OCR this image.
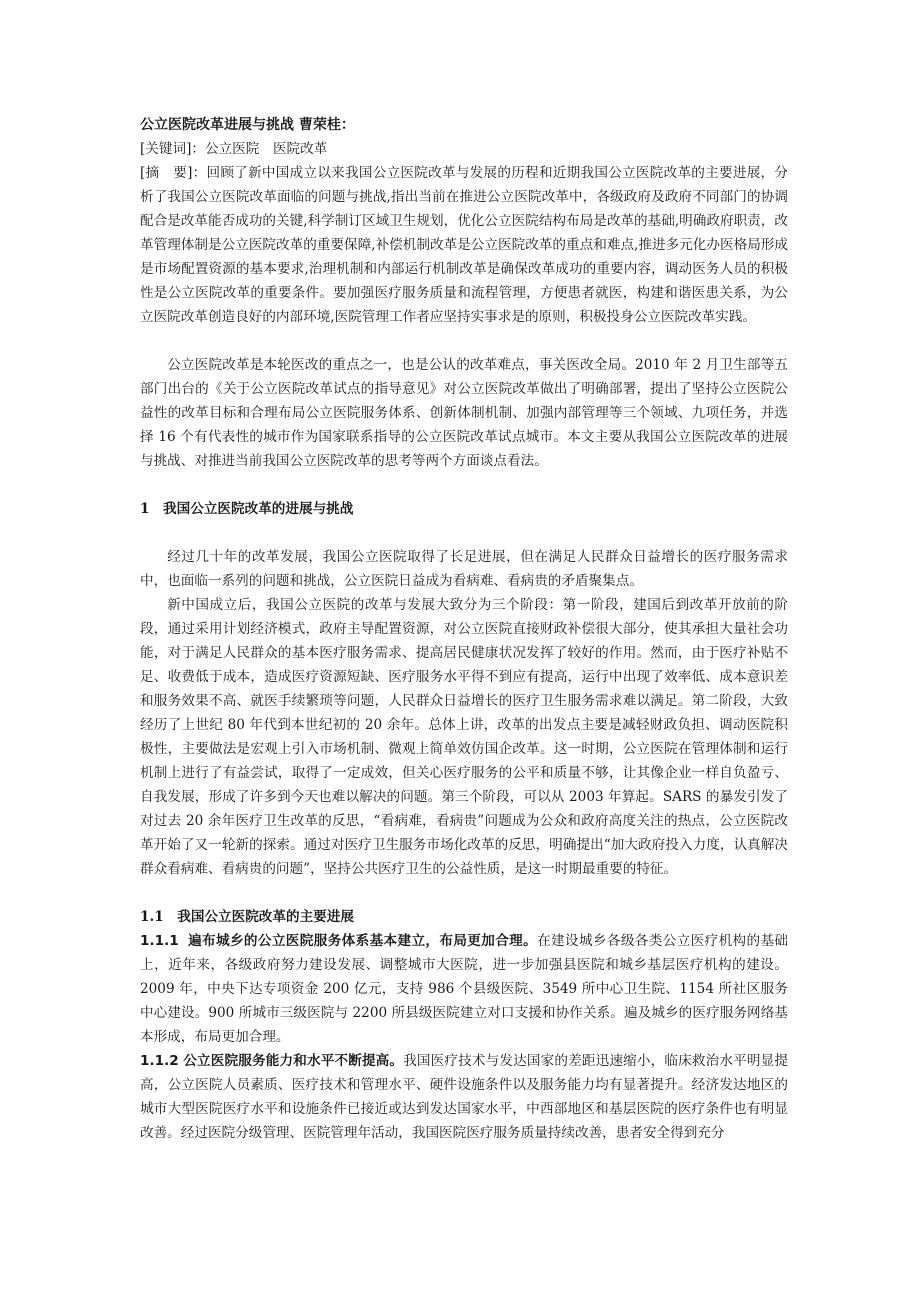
公立医院改革进展与挑战 曹荣桂：

[关键词]：公立医院　医院改革

[摘　要]：回顾了新中国成立以来我国公立医院改革与发展的历程和近期我国公立医院改革的主要进展，分析了我国公立医院改革面临的问题与挑战,指出当前在推进公立医院改革中，各级政府及政府不同部门的协调配合是改革能否成功的关键,科学制订区域卫生规划，优化公立医院结构布局是改革的基础,明确政府职责，改革管理体制是公立医院改革的重要保障,补偿机制改革是公立医院改革的重点和难点,推进多元化办医格局形成是市场配置资源的基本要求,治理机制和内部运行机制改革是确保改革成功的重要内容，调动医务人员的积极性是公立医院改革的重要条件。要加强医疗服务质量和流程管理，方便患者就医，构建和谐医患关系，为公立医院改革创造良好的内部环境,医院管理工作者应坚持实事求是的原则，积极投身公立医院改革实践。

公立医院改革是本轮医改的重点之一，也是公认的改革难点，事关医改全局。2010 年 2 月卫生部等五部门出台的《关于公立医院改革试点的指导意见》对公立医院改革做出了明确部署，提出了坚持公立医院公益性的改革目标和合理布局公立医院服务体系、创新体制机制、加强内部管理等三个领域、九项任务，并选择 16 个有代表性的城市作为国家联系指导的公立医院改革试点城市。本文主要从我国公立医院改革的进展与挑战、对推进当前我国公立医院改革的思考等两个方面谈点看法。

1　我国公立医院改革的进展与挑战

经过几十年的改革发展，我国公立医院取得了长足进展，但在满足人民群众日益增长的医疗服务需求中，也面临一系列的问题和挑战，公立医院日益成为看病难、看病贵的矛盾聚集点。

新中国成立后，我国公立医院的改革与发展大致分为三个阶段：第一阶段，建国后到改革开放前的阶段，通过采用计划经济模式，政府主导配置资源，对公立医院直接财政补偿很大部分，使其承担大量社会功能，对于满足人民群众的基本医疗服务需求、提高居民健康状况发挥了较好的作用。然而，由于医疗补贴不足、收费低于成本，造成医疗资源短缺、医疗服务水平得不到应有提高，运行中出现了效率低、成本意识差和服务效果不高、就医手续繁琐等问题，人民群众日益增长的医疗卫生服务需求难以满足。第二阶段，大致经历了上世纪 80 年代到本世纪初的 20 余年。总体上讲，改革的出发点主要是减轻财政负担、调动医院积极性，主要做法是宏观上引入市场机制、微观上简单效仿国企改革。这一时期，公立医院在管理体制和运行机制上进行了有益尝试，取得了一定成效，但关心医疗服务的公平和质量不够，让其像企业一样自负盈亏、自我发展，形成了许多到今天也难以解决的问题。第三个阶段，可以从 2003 年算起。SARS 的暴发引发了对过去 20 余年医疗卫生改革的反思，“看病难，看病贵”问题成为公众和政府高度关注的热点，公立医院改革开始了又一轮新的探索。通过对医疗卫生服务市场化改革的反思，明确提出“加大政府投入力度，认真解决群众看病难、看病贵的问题”，坚持公共医疗卫生的公益性质，是这一时期最重要的特征。

1.1　我国公立医院改革的主要进展

1.1.1 遍布城乡的公立医院服务体系基本建立，布局更加合理。在建设城乡各级各类公立医疗机构的基础上，近年来，各级政府努力建设发展、调整城市大医院，进一步加强县医院和城乡基层医疗机构的建设。2009 年，中央下达专项资金 200 亿元，支持 986 个县级医院、3549 所中心卫生院、1154 所社区服务中心建设。900 所城市三级医院与 2200 所县级医院建立对口支援和协作关系。遍及城乡的医疗服务网络基本形成，布局更加合理。

1.1.2 公立医院服务能力和水平不断提高。我国医疗技术与发达国家的差距迅速缩小，临床救治水平明显提高，公立医院人员素质、医疗技术和管理水平、硬件设施条件以及服务能力均有显著提升。经济发达地区的城市大型医院医疗水平和设施条件已接近或达到发达国家水平，中西部地区和基层医院的医疗条件也有明显改善。经过医院分级管理、医院管理年活动，我国医院医疗服务质量持续改善，患者安全得到充分
